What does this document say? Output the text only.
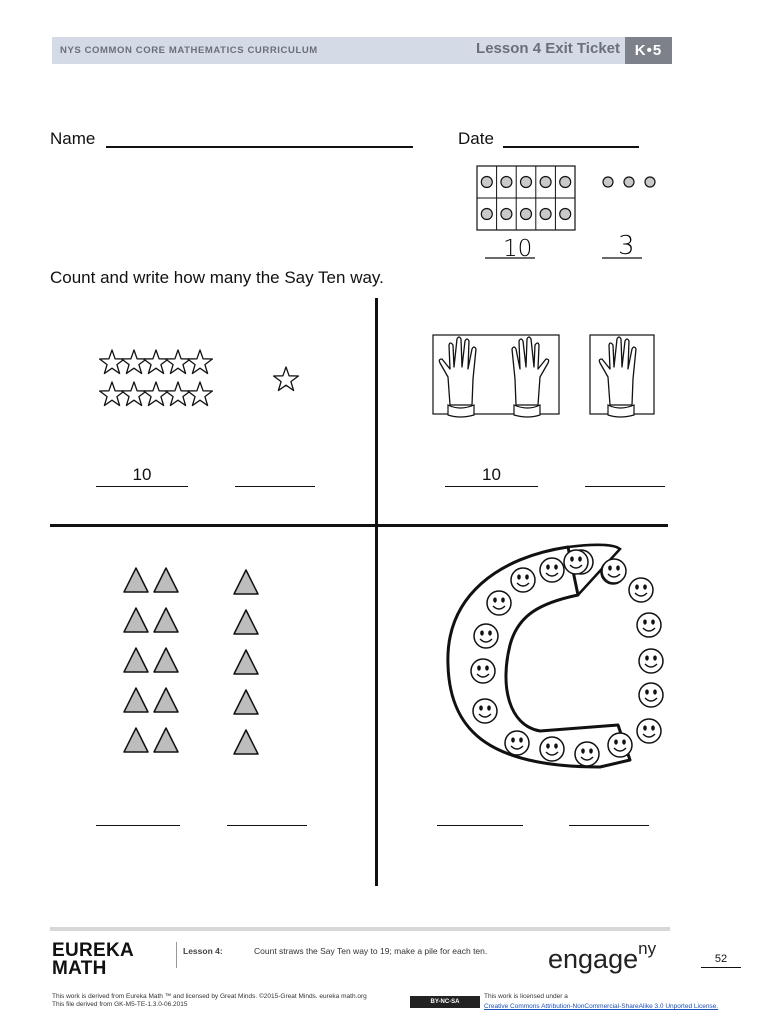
NYS COMMON CORE MATHEMATICS CURRICULUM	Lesson 4 Exit Ticket K•5
Name	Date
10	3
Count and write how many the Say Ten way.
10	10
EUREKA
MATH
Lesson 4:	Count straws the Say Ten way to 19; make a pile for each ten. engage$^{ny}$
52
This work is derived from Eureka Math ™ and licensed by Great Minds. ©2015-Great Minds. eureka math.org
This file derived from GK-M5-TE-1.3.0-06.2015	BY-NC-SA
This work is licensed under a
Creative Commons Attribution-NonCommercial-ShareAlike 3.0 Unported License.
